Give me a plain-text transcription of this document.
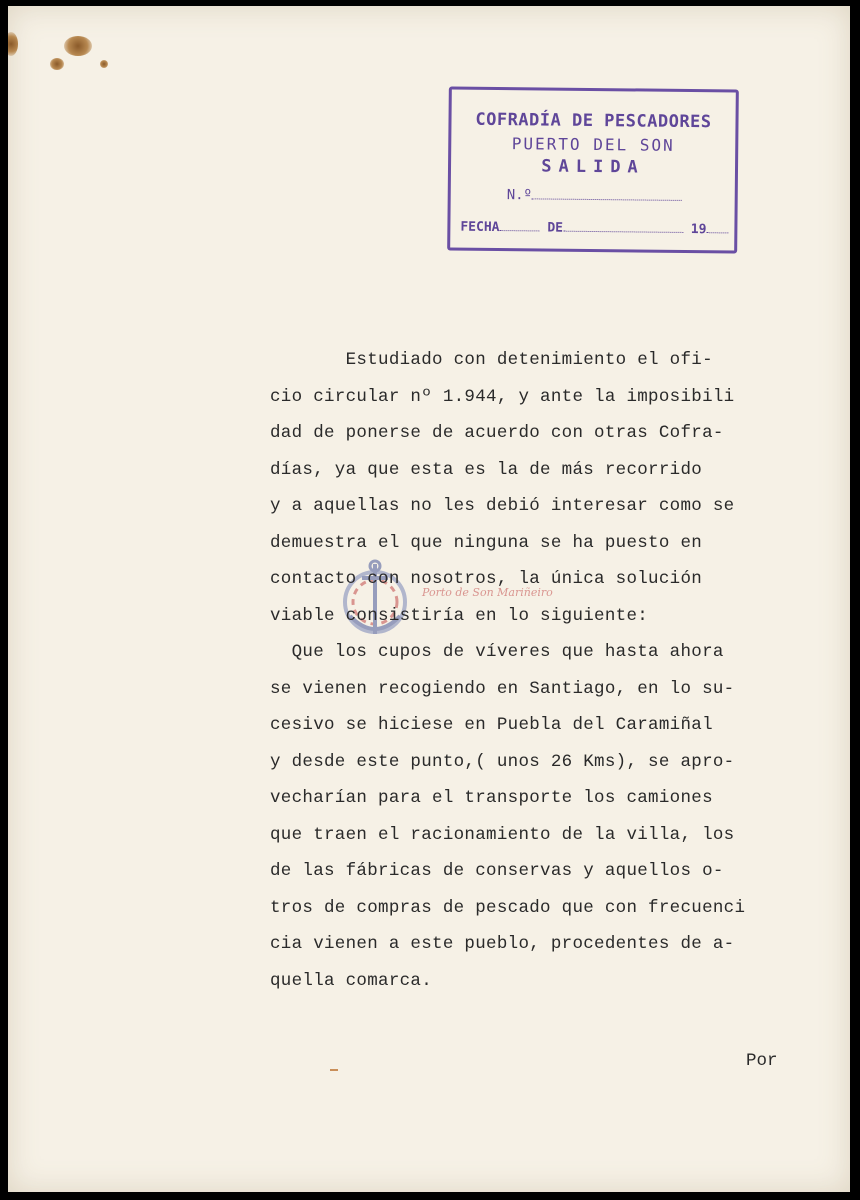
COFRADÍA DE PESCADORES
PUERTO DEL SON
SALIDA
N.º
FECHA	DE	19
Porto de Son Mariñeiro
Estudiado con detenimiento el ofi-
cio circular nº 1.944, y ante la imposibili
dad de ponerse de acuerdo con otras Cofra-
días, ya que esta es la de más recorrido
y a aquellas no les debió interesar como se
demuestra el que ninguna se ha puesto en
contacto con nosotros, la única solución
viable consistiría en lo siguiente:
Que los cupos de víveres que hasta ahora
se vienen recogiendo en Santiago, en lo su-
cesivo se hiciese en Puebla del Caramiñal
y desde este punto,( unos 26 Kms), se apro-
vecharían para el transporte los camiones
que traen el racionamiento de la villa, los
de las fábricas de conservas y aquellos o-
tros de compras de pescado que con frecuenci
cia vienen a este pueblo, procedentes de a-
quella comarca.
Por
